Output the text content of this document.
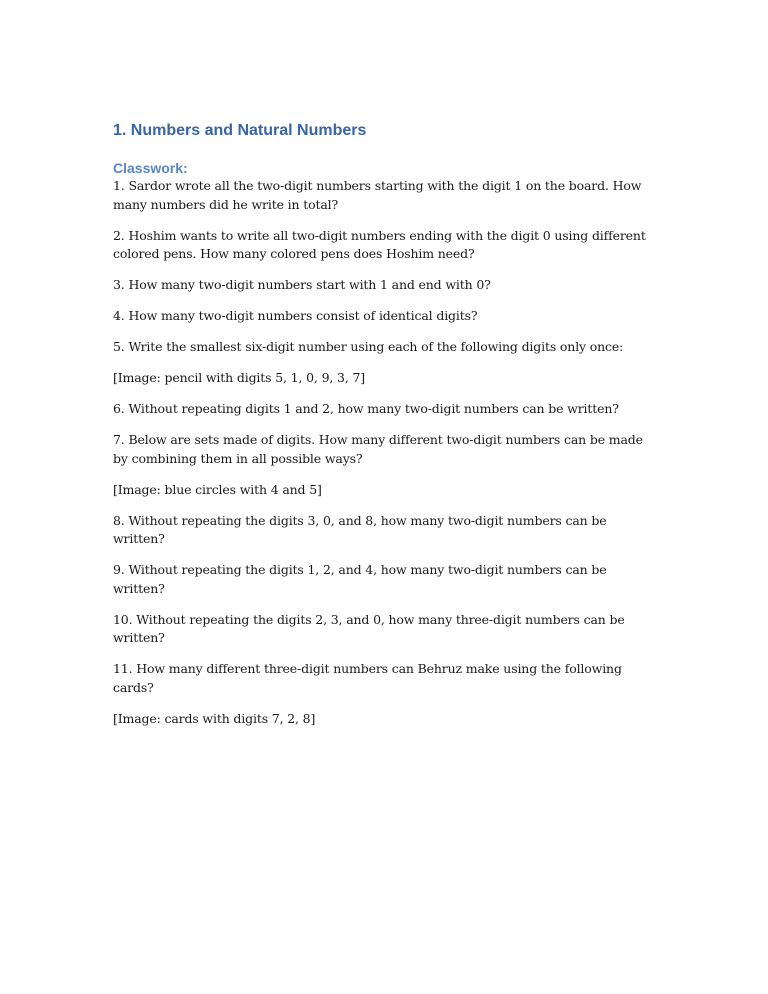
1. Numbers and Natural Numbers
Classwork:

1. Sardor wrote all the two-digit numbers starting with the digit 1 on the board. How many numbers did he write in total?

2. Hoshim wants to write all two-digit numbers ending with the digit 0 using different colored pens. How many colored pens does Hoshim need?

3. How many two-digit numbers start with 1 and end with 0?

4. How many two-digit numbers consist of identical digits?

5. Write the smallest six-digit number using each of the following digits only once:

[Image: pencil with digits 5, 1, 0, 9, 3, 7]

6. Without repeating digits 1 and 2, how many two-digit numbers can be written?

7. Below are sets made of digits. How many different two-digit numbers can be made by combining them in all possible ways?

[Image: blue circles with 4 and 5]

8. Without repeating the digits 3, 0, and 8, how many two-digit numbers can be written?

9. Without repeating the digits 1, 2, and 4, how many two-digit numbers can be written?

10. Without repeating the digits 2, 3, and 0, how many three-digit numbers can be written?

11. How many different three-digit numbers can Behruz make using the following cards?

[Image: cards with digits 7, 2, 8]
